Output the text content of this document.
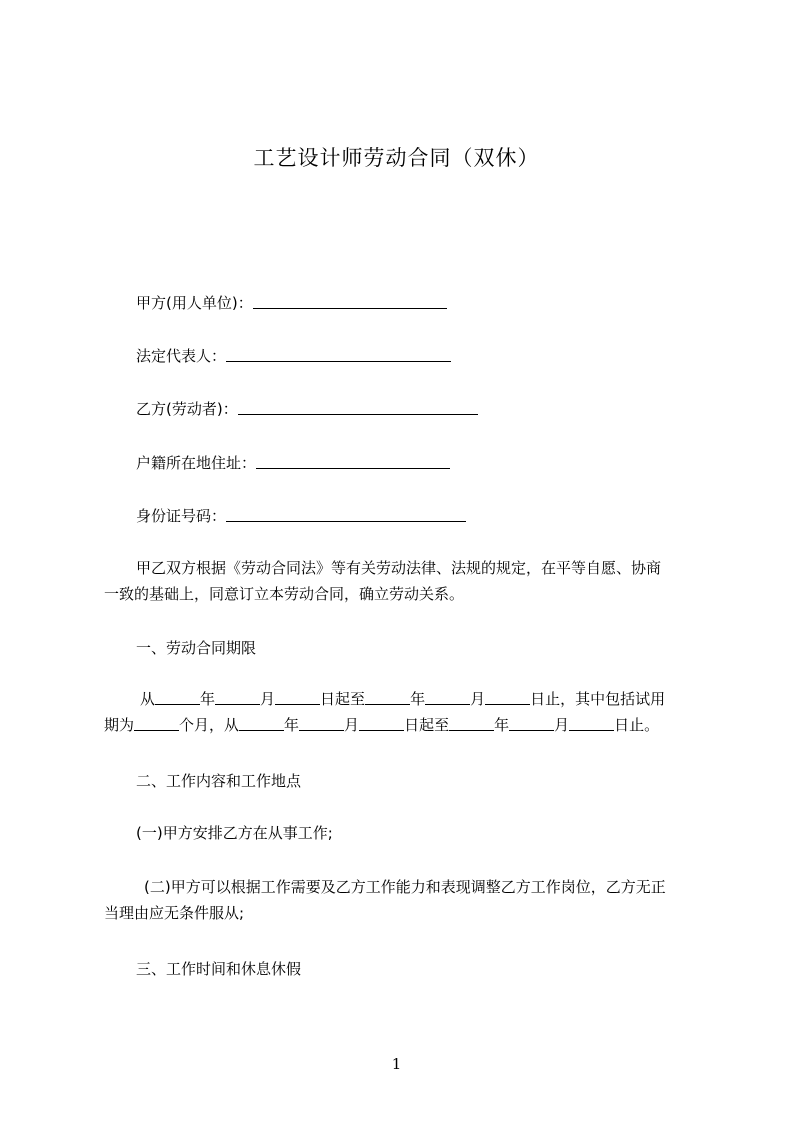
工艺设计师劳动合同（双休）
甲方(用人单位)：
法定代表人：
乙方(劳动者)：
户籍所在地住址：
身份证号码：
甲乙双方根据《劳动合同法》等有关劳动法律、法规的规定，在平等自愿、协商
一致的基础上，同意订立本劳动合同，确立劳动关系。
一、劳动合同期限
从	年	月	日起至	年	月	日止，其中包括试用
期为	个月，从	年	月	日起至	年	月	日止。
二、工作内容和工作地点
(一)甲方安排乙方在从事工作;
(二)甲方可以根据工作需要及乙方工作能力和表现调整乙方工作岗位，乙方无正
当理由应无条件服从;
三、工作时间和休息休假
1
